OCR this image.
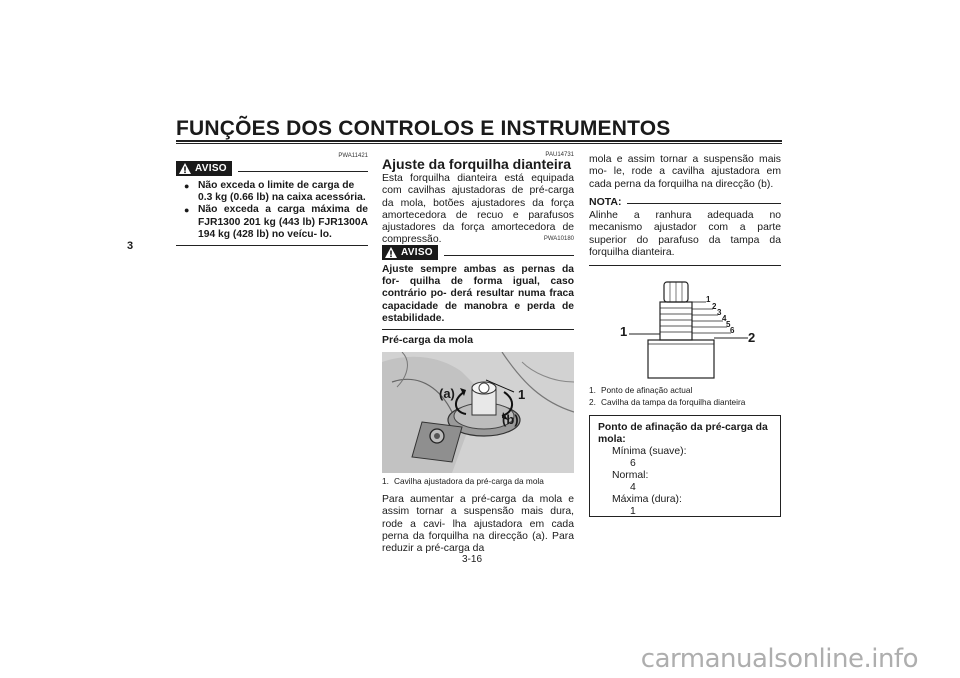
FUNÇÕES DOS CONTROLOS E INSTRUMENTOS
3
PWA11421
AVISO
● Não exceda o limite de carga de 0.3 kg (0.66 lb) na caixa acessória.
● Não exceda a carga máxima de FJR1300 201 kg (443 lb) FJR1300A 194 kg (428 lb) no veícu- lo.
PAU14731
Ajuste da forquilha dianteira
Esta forquilha dianteira está equipada com cavilhas ajustadoras de pré-carga da mola, botões ajustadores da força amortecedora de recuo e parafusos ajustadores da força amortecedora de compressão.	PWA10180
AVISO
Ajuste sempre ambas as pernas da for- quilha de forma igual, caso contrário po- derá resultar numa fraca capacidade de manobra e perda de estabilidade.
Pré-carga da mola
(a)
(b)
1
1. Cavilha ajustadora da pré-carga da mola
Para aumentar a pré-carga da mola e assim tornar a suspensão mais dura, rode a cavi- lha ajustadora em cada perna da forquilha na direcção (a). Para reduzir a pré-carga da
mola e assim tornar a suspensão mais mo- le, rode a cavilha ajustadora em cada perna da forquilha na direcção (b).
NOTA:
Alinhe a ranhura adequada no mecanismo ajustador com a parte superior do parafuso da tampa da forquilha dianteira.
1	2
1
2
3
4
5
6
1. Ponto de afinação actual
2. Cavilha da tampa da forquilha dianteira
Ponto de afinação da pré-carga da mola:
Mínima (suave):
6
Normal:
4
Máxima (dura):
1
3-16
carmanualsonline.info
